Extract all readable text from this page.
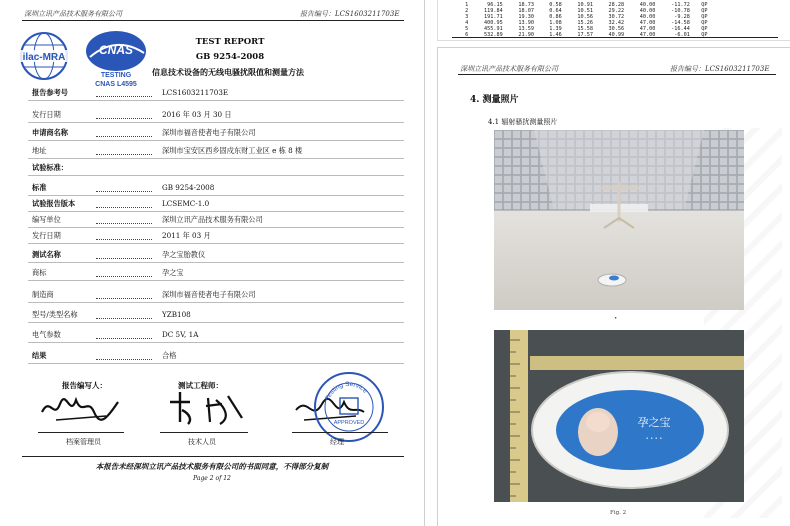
深圳立讯产品技术服务有限公司	报告编号：LCS1603211703E
ilac-MRA
CNAS
TESTING
CNAS L4595
TEST REPORT
GB 9254-2008
信息技术设备的无线电骚扰限值和测量方法
报告参考号	LCS1603211703E
发行日期	2016 年 03 月 30 日
申请商名称	深圳市福音使者电子有限公司
地址	深圳市宝安区西乡固戍东财工业区 e 栋 8 楼
试验标准：
标准	GB 9254-2008
试验报告版本	LCSEMC-1.0
编写单位	深圳立讯产品技术服务有限公司
发行日期	2011 年 03 月
测试名称	孕之宝胎教仪
商标	孕之宝
制造商	深圳市福音使者电子有限公司
型号/类型名称	YZB108
电气参数	DC 5V, 1A
结果	合格
报告编写人：	测试工程师：
Testing Service
APPROVED
档案管理员	技术人员	经理
本报告未经深圳立讯产品技术服务有限公司的书面同意，不得部分复制
Page 2 of 12
1	96.15	18.73	0.58	10.91	28.28	40.00	-11.72 QP
2	119.84	18.07	0.64	10.51	29.22	40.00	-10.78 QP
3	191.71	19.30	0.86	10.56	30.72	40.00	-9.28 QP
4	400.95	13.90	1.08	15.26	32.42	47.00	-14.58 QP
5	455.91	13.59	1.39	15.58	30.56	47.00	-16.44 QP
6	532.89	21.90	1.46	17.57	40.99	47.00	-6.01 QP
深圳立讯产品技术服务有限公司	报告编号：LCS1603211703E
4. 测量照片
4.1 辐射骚扰测量照片
•
孕之宝
• • • •
Fig. 2
